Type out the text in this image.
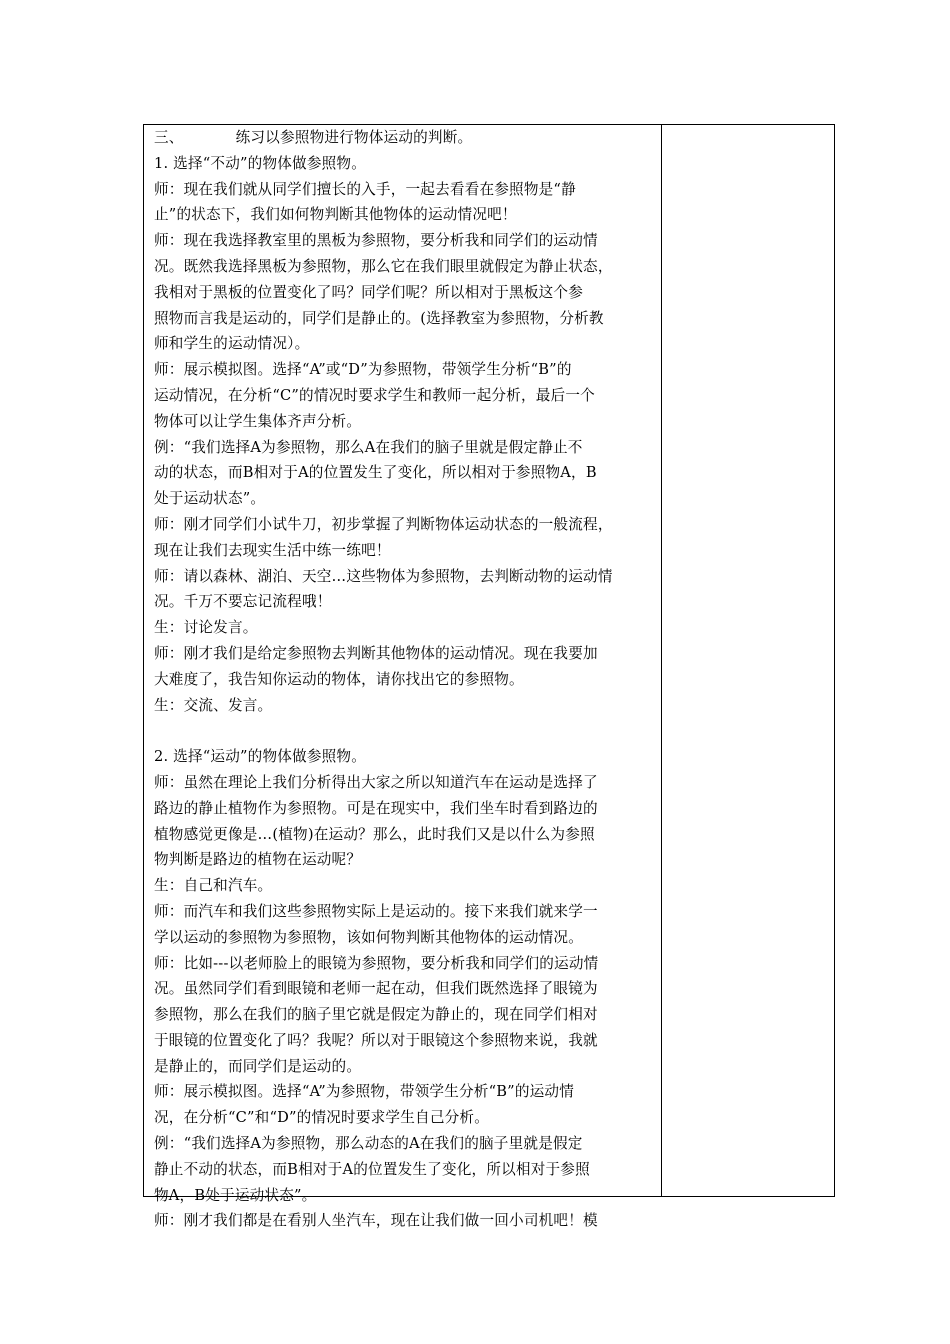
三、	练习以参照物进行物体运动的判断。
1. 选择“不动”的物体做参照物。
师：现在我们就从同学们擅长的入手，一起去看看在参照物是“静
止”的状态下，我们如何物判断其他物体的运动情况吧！
师：现在我选择教室里的黑板为参照物，要分析我和同学们的运动情
况。既然我选择黑板为参照物，那么它在我们眼里就假定为静止状态，
我相对于黑板的位置变化了吗？同学们呢？所以相对于黑板这个参
照物而言我是运动的，同学们是静止的。(选择教室为参照物，分析教
师和学生的运动情况）。
师：展示模拟图。选择“A”或“D”为参照物，带领学生分析“B”的
运动情况，在分析“C”的情况时要求学生和教师一起分析，最后一个
物体可以让学生集体齐声分析。
例：“我们选择A为参照物，那么A在我们的脑子里就是假定静止不
动的状态，而B相对于A的位置发生了变化，所以相对于参照物A，B
处于运动状态”。
师：刚才同学们小试牛刀，初步掌握了判断物体运动状态的一般流程，
现在让我们去现实生活中练一练吧！
师：请以森林、湖泊、天空…这些物体为参照物，去判断动物的运动情
况。千万不要忘记流程哦！
生：讨论发言。
师：刚才我们是给定参照物去判断其他物体的运动情况。现在我要加
大难度了，我告知你运动的物体，请你找出它的参照物。
生：交流、发言。
2. 选择“运动”的物体做参照物。
师：虽然在理论上我们分析得出大家之所以知道汽车在运动是选择了
路边的静止植物作为参照物。可是在现实中，我们坐车时看到路边的
植物感觉更像是…(植物)在运动？那么，此时我们又是以什么为参照
物判断是路边的植物在运动呢？
生：自己和汽车。
师：而汽车和我们这些参照物实际上是运动的。接下来我们就来学一
学以运动的参照物为参照物，该如何物判断其他物体的运动情况。
师：比如---以老师脸上的眼镜为参照物，要分析我和同学们的运动情
况。虽然同学们看到眼镜和老师一起在动，但我们既然选择了眼镜为
参照物，那么在我们的脑子里它就是假定为静止的，现在同学们相对
于眼镜的位置变化了吗？我呢？所以对于眼镜这个参照物来说，我就
是静止的，而同学们是运动的。
师：展示模拟图。选择“A”为参照物，带领学生分析“B”的运动情
况，在分析“C”和“D”的情况时要求学生自己分析。
例：“我们选择A为参照物，那么动态的A在我们的脑子里就是假定
静止不动的状态，而B相对于A的位置发生了变化，所以相对于参照
物A，B处于运动状态”。
师：刚才我们都是在看别人坐汽车，现在让我们做一回小司机吧！模
